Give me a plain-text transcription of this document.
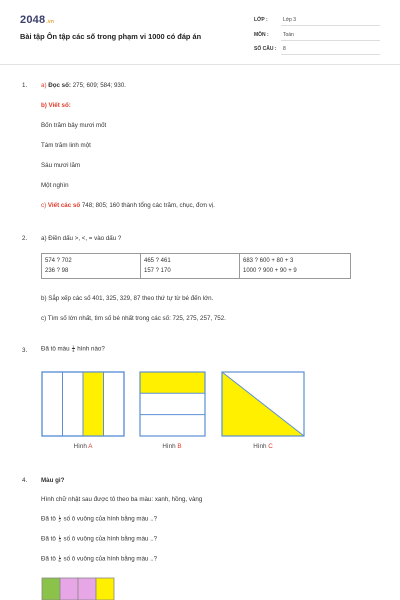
2048.vn
Bài tập Ôn tập các số trong phạm vi 1000 có đáp án
LỚP :	Lớp 3
MÔN :	Toán
SỐ CÂU : 8
1. a) Đọc số: 275; 609; 584; 930.
b) Viết số:
Bốn trăm bảy mươi mốt
Tám trăm linh một
Sáu mươi lăm
Một nghìn
c) Viết các số 748; 805; 160 thành tổng các trăm, chục, đơn vị.
2. a) Điền dấu >, <, = vào dấu ?
574 ? 702
236 ? 98

465 ? 461
157 ? 170

683 ? 600 + 80 + 3
1000 ? 900 + 90 + 9
b) Sắp xếp các số 401, 325, 329, 87 theo thứ tự từ bé đến lớn.
c) Tìm số lớn nhất, tìm số bé nhất trong các số: 725, 275, 257, 752.
3. Đã tô màu $\frac{1}{4}$ hình nào?
Hình A	Hình B	Hình C
4. Màu gì?
Hình chữ nhật sau được tô theo ba màu: xanh, hồng, vàng
Đã tô $\frac{1}{2}$ số ô vuông của hình bằng màu ..?
Đã tô $\frac{1}{3}$ số ô vuông của hình bằng màu ..?
Đã tô $\frac{1}{6}$ số ô vuông của hình bằng màu ..?
